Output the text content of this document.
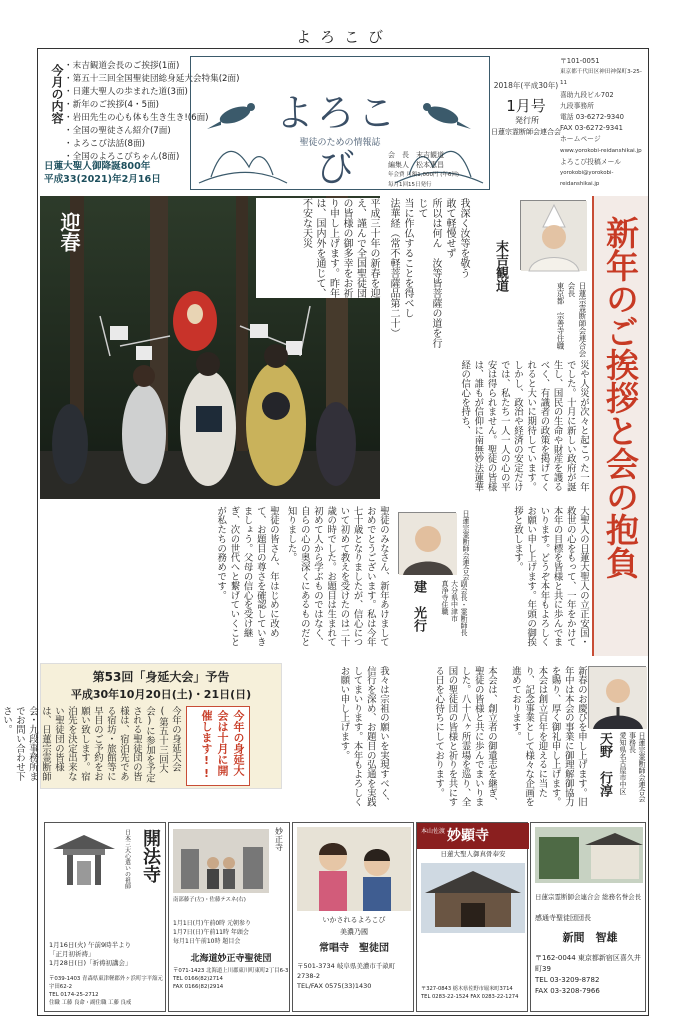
よろこび
今月の内容 ・末吉観道会長のご挨拶(1面)
・第五十三回全国聖徒団総身延大会特集(2面)
・日蓮大聖人の歩まれた道(3面)
・新年のご挨拶(4・5面)
・岩田先生の心も体も生き生き!(6面)
・全国の聖徒さん紹介(7面)
・よろこび法話(8面)
・全国のよろこびちゃん(8面)
日蓮大聖人御降誕800年
平成33(2021)年2月16日
よろこび
聖徒のための情報誌
会　長　末吉観道
編集人　松本恵昌
年会費 月額1,000円 (年6回)
毎月1回15日発行
2018年(平成30年)
1月号
発行所
日蓮宗霊断師会連合会
〒101-0051
東京都千代田区神田神保町3-25-11
喜助九段ビル702
九段事務所
電話 03-6272-9340
FAX 03-6272-9341
ホームページ
www.yorokobi-reidanshikai.jp
よろこび投稿メール
yorokobi@yorokobi-reidanshikai.jp
迎春	平成三十年の新春を迎え、謹んで全国聖徒団の皆様の御多幸をお祈り申し上げます。昨年は、国内外を通じて、不安な天災	我深く汝等を敬う
敢て軽慢せず
所以は何ん　汝等皆菩薩の道を行じて
当に作仏することを得べし
法華経（常不軽菩薩品第二十）	末吉観道
日蓮宗霊断師会連合会
会長
東京都　宗善寺住職	新年のご挨拶と会の抱負
災や人災が次々と起こった一年でした。十月に新しい政府が誕生し、国民の生命や財産を護るべく、有識者の政策を掲げてくれると大いに期待しています。しかし、政治や経済の安定だけでは、私たち一人一人の心の平安は得られません。聖徒の皆様は、誰もが信仰に南無妙法蓮華経の信心を持ち、
大聖人の日蓮大聖人の立正安国・救世の心をもって、一年をかけて本年の目標を皆様と共に歩んでまいります。どうぞ本年もよろしくお願い申し上げます。年頭の御挨拶と致します。
日蓮宗霊断師会連合会
副会長・霊断師長
大分県中津市
真浄寺住職
建　光行
聖徒のみなさん、新年あけましておめでとうございます。私は今年七十歳となりましたが、信心について初めて教えを受けたのは二十歳の時でした。お題目は生まれて初めて人から学ぶものではなく、自らの心の奥深くにあるものだと知りました。
聖徒の皆さん、年はじめに改めて、お題目の尊さを確認していきましょう。父母の信心を受け継ぎ、次の世代へと繋げていくことが私たちの務めです。
日蓮宗霊断師会連合会
事務長
愛知県名古屋市中区
天野　行淳
新春のお慶びを申し上げます。旧年中は本会の事業に御理解御協力を賜り、厚く御礼申し上げます。本会は創立百年を迎えるに当たり、記念事業として様々な企画を進めております。
本会は、創立者の御遺志を継ぎ、聖徒の皆様と共に歩んでまいりました。八十八ヶ所霊場を巡り、全国の聖徒団の皆様と祈りを共にする日を心待ちにしております。
我々は宗祖の願いを実現すべく、信行を深め、お題目の弘通を実践してまいります。本年もよろしくお願い申し上げます。
第53回「身延大会」予告
平成30年10月20日(土)・21日(日)
今年の身延大会(第五十三回大会)に参加を予定される聖徒団の皆様は、宿泊先である宿坊・旅館等に早目のご予約をお願い致します。宿泊先を決定出来ない聖徒団の皆様は、日蓮宗霊断師会・九段事務所までお問い合わせ下さい。	今年の身延大会は十月に開催します!!
開法寺
日本三大心遣いの祖師
1月16日(火) 午前9時半より
「正月初祈祷」
1月28日(日)「祈祷初講会」
〒039-1403 青森県東津軽郡外ヶ浜町字平舘元宇田62-2
TEL 0174-25-2712
住職 工藤 良命・副住職 工藤 良戒
妙正寺
南部藤子(左)・佐藤テスネ(右)
1月1日(月)午前0時 元朝参り
1月7日(日)午前11時 年頭会
毎月1日午前10時 題目会
北海道妙正寺聖徒団
〒071-1423 北海道上川郡東川町東町2丁目6-3
TEL 0166(82)2714
FAX 0166(82)2914
いかされるよろこび
美濃乃國
常唱寺　聖徒団
〒501-3734 岐阜県美濃市千畝町2738-2
TEL/FAX 0575(33)1430
本山佐渡 妙顕寺
日蓮大聖人御真骨奉安
〒327-0843 栃木県佐野市堀米町3714
TEL 0283-22-1524 FAX 0283-22-1274
日蓮宗霊断師会連合会 総務名誉会長
感通寺聖徒団団長
新間　智雄
〒162-0044 東京都新宿区喜久井町39
TEL 03-3209-8782
FAX 03-3208-7966
